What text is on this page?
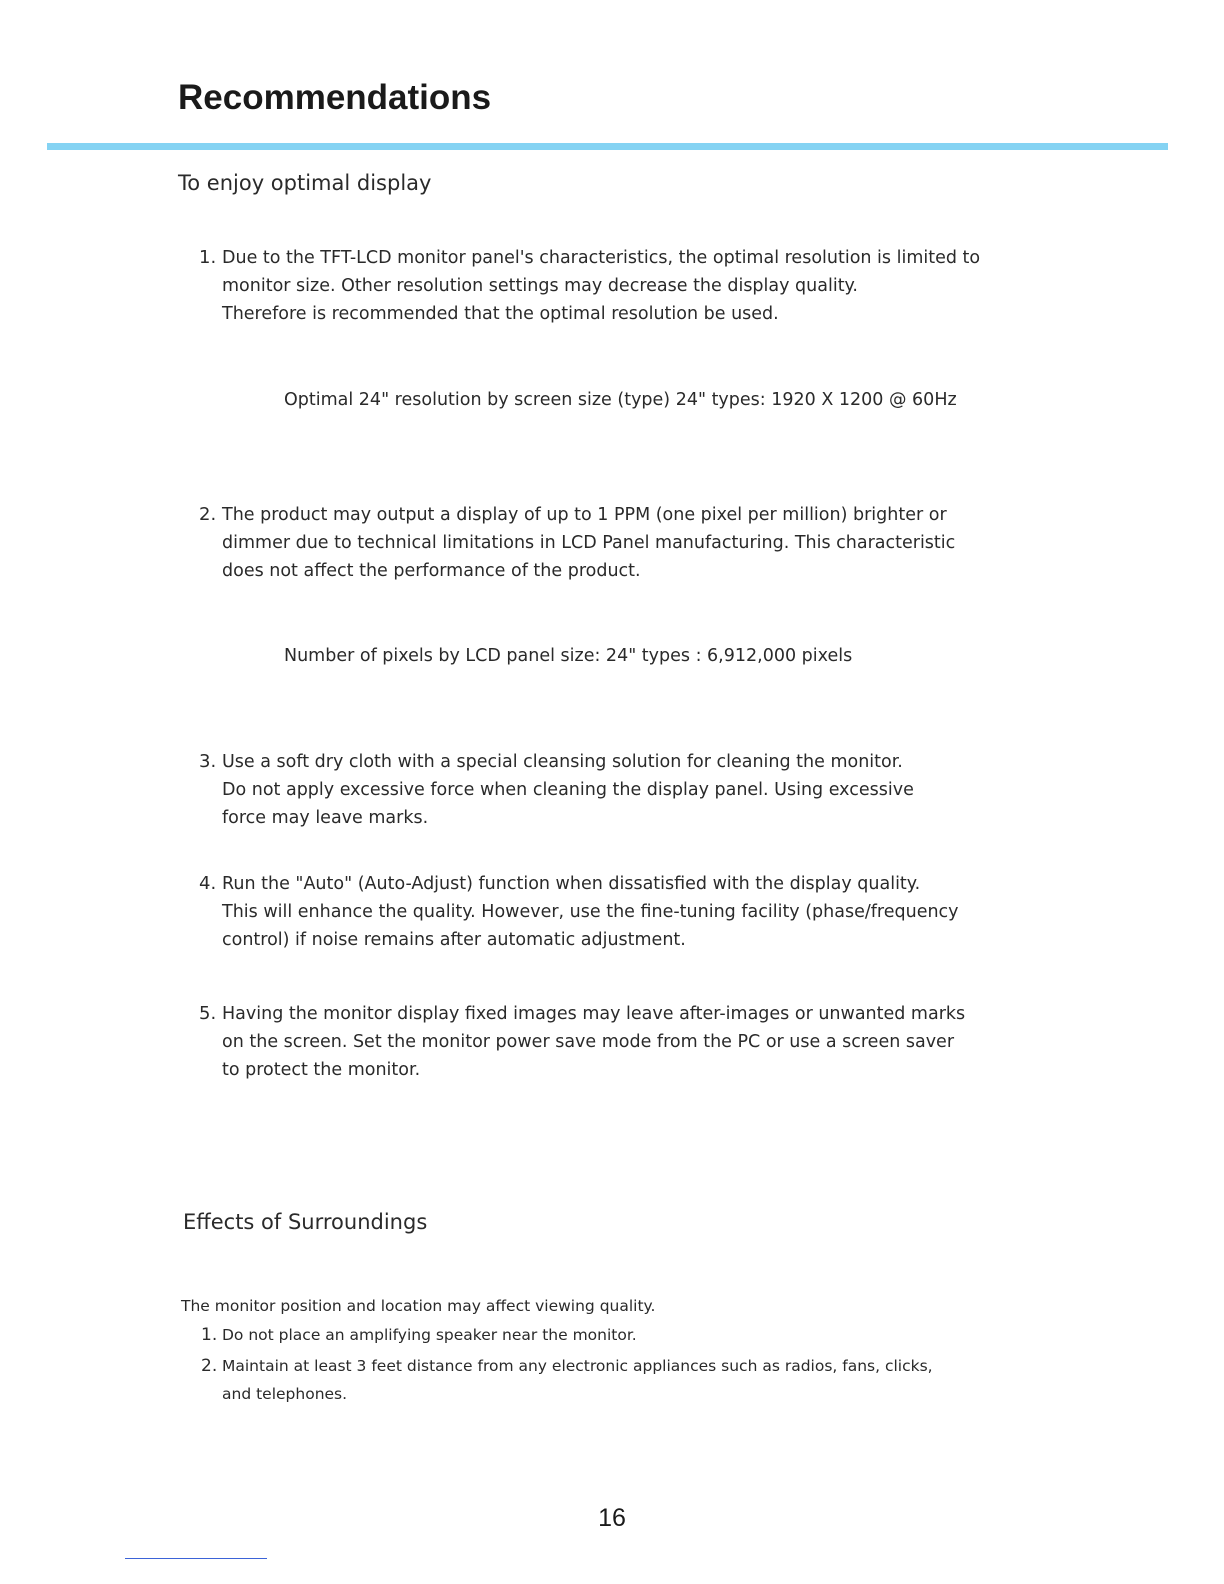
Recommendations
To enjoy optimal display
1. Due to the TFT-LCD monitor panel's characteristics, the optimal resolution is limited to
monitor size. Other resolution settings may decrease the display quality.
Therefore is recommended that the optimal resolution be used.
Optimal 24" resolution by screen size (type) 24" types: 1920 X 1200 @ 60Hz
2. The product may output a display of up to 1 PPM (one pixel per million) brighter or
dimmer due to technical limitations in LCD Panel manufacturing. This characteristic
does not affect the performance of the product.
Number of pixels by LCD panel size: 24" types : 6,912,000 pixels
3. Use a soft dry cloth with a special cleansing solution for cleaning the monitor.
Do not apply excessive force when cleaning the display panel. Using excessive
force may leave marks.
4. Run the "Auto" (Auto-Adjust) function when dissatisfied with the display quality.
This will enhance the quality. However, use the fine-tuning facility (phase/frequency
control) if noise remains after automatic adjustment.
5. Having the monitor display fixed images may leave after-images or unwanted marks
on the screen. Set the monitor power save mode from the PC or use a screen saver
to protect the monitor.
Effects of Surroundings
The monitor position and location may affect viewing quality.
1. Do not place an amplifying speaker near the monitor.
2. Maintain at least 3 feet distance from any electronic appliances such as radios, fans, clicks,
and telephones.
16
